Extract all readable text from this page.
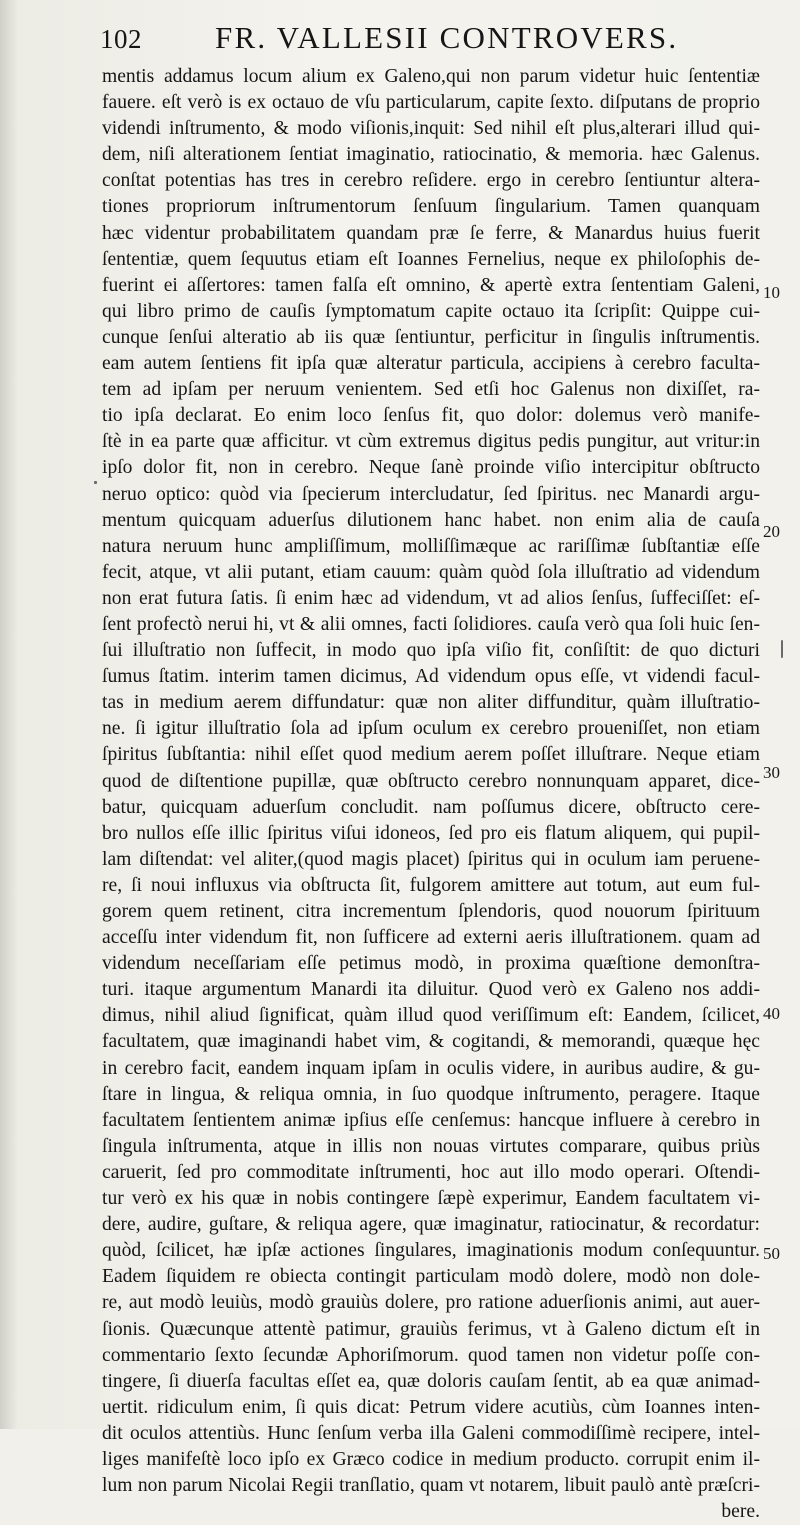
102 FR. VALLESII CONTROVERS.
mentis addamus locum alium ex Galeno,qui non parum videtur huic ſententiæ
fauere. eſt verò is ex octauo de vſu particularum, capite ſexto. diſputans de proprio
videndi inſtrumento, & modo viſionis,inquit: Sed nihil eſt plus,alterari illud qui-
dem, niſi alterationem ſentiat imaginatio, ratiocinatio, & memoria. hæc Galenus.
conſtat potentias has tres in cerebro reſidere. ergo in cerebro ſentiuntur altera-
tiones propriorum inſtrumentorum ſenſuum ſingularium. Tamen quanquam
hæc videntur probabilitatem quandam præ ſe ferre, & Manardus huius fuerit
ſententiæ, quem ſequutus etiam eſt Ioannes Fernelius, neque ex philoſophis de-
fuerint ei aſſertores: tamen falſa eſt omnino, & apertè extra ſententiam Galeni,
qui libro primo de cauſis ſymptomatum capite octauo ita ſcripſit: Quippe cui-
cunque ſenſui alteratio ab iis quæ ſentiuntur, perficitur in ſingulis inſtrumentis.
eam autem ſentiens fit ipſa quæ alteratur particula, accipiens à cerebro faculta-
tem ad ipſam per neruum venientem. Sed etſi hoc Galenus non dixiſſet, ra-
tio ipſa declarat. Eo enim loco ſenſus fit, quo dolor: dolemus verò manife-
ſtè in ea parte quæ afficitur. vt cùm extremus digitus pedis pungitur, aut vritur:in
ipſo dolor fit, non in cerebro. Neque ſanè proinde viſio intercipitur obſtructo
neruo optico: quòd via ſpecierum intercludatur, ſed ſpiritus. nec Manardi argu-
mentum quicquam aduerſus dilutionem hanc habet. non enim alia de cauſa
natura neruum hunc ampliſſimum, molliſſimæque ac rariſſimæ ſubſtantiæ eſſe
fecit, atque, vt alii putant, etiam cauum: quàm quòd ſola illuſtratio ad videndum
non erat futura ſatis. ſi enim hæc ad videndum, vt ad alios ſenſus, ſuffeciſſet: eſ-
ſent profectò nerui hi, vt & alii omnes, facti ſolidiores. cauſa verò qua ſoli huic ſen-
ſui illuſtratio non ſuffecit, in modo quo ipſa viſio fit, conſiſtit: de quo dicturi
ſumus ſtatim. interim tamen dicimus, Ad videndum opus eſſe, vt videndi facul-
tas in medium aerem diffundatur: quæ non aliter diffunditur, quàm illuſtratio-
ne. ſi igitur illuſtratio ſola ad ipſum oculum ex cerebro proueniſſet, non etiam
ſpiritus ſubſtantia: nihil eſſet quod medium aerem poſſet illuſtrare. Neque etiam
quod de diſtentione pupillæ, quæ obſtructo cerebro nonnunquam apparet, dice-
batur, quicquam aduerſum concludit. nam poſſumus dicere, obſtructo cere-
bro nullos eſſe illic ſpiritus viſui idoneos, ſed pro eis flatum aliquem, qui pupil-
lam diſtendat: vel aliter,(quod magis placet) ſpiritus qui in oculum iam peruene-
re, ſi noui influxus via obſtructa ſit, fulgorem amittere aut totum, aut eum ful-
gorem quem retinent, citra incrementum ſplendoris, quod nouorum ſpirituum
acceſſu inter videndum fit, non ſufficere ad externi aeris illuſtrationem. quam ad
videndum neceſſariam eſſe petimus modò, in proxima quæſtione demonſtra-
turi. itaque argumentum Manardi ita diluitur. Quod verò ex Galeno nos addi-
dimus, nihil aliud ſignificat, quàm illud quod veriſſimum eſt: Eandem, ſcilicet,
facultatem, quæ imaginandi habet vim, & cogitandi, & memorandi, quæque hęc
in cerebro facit, eandem inquam ipſam in oculis videre, in auribus audire, & gu-
ſtare in lingua, & reliqua omnia, in ſuo quodque inſtrumento, peragere. Itaque
facultatem ſentientem animæ ipſius eſſe cenſemus: hancque influere à cerebro in
ſingula inſtrumenta, atque in illis non nouas virtutes comparare, quibus priùs
caruerit, ſed pro commoditate inſtrumenti, hoc aut illo modo operari. Oſtendi-
tur verò ex his quæ in nobis contingere ſæpè experimur, Eandem facultatem vi-
dere, audire, guſtare, & reliqua agere, quæ imaginatur, ratiocinatur, & recordatur:
quòd, ſcilicet, hæ ipſæ actiones ſingulares, imaginationis modum conſequuntur.
Eadem ſiquidem re obiecta contingit particulam modò dolere, modò non dole-
re, aut modò leuiùs, modò grauiùs dolere, pro ratione aduerſionis animi, aut auer-
ſionis. Quæcunque attentè patimur, grauiùs ferimus, vt à Galeno dictum eſt in
commentario ſexto ſecundæ Aphoriſmorum. quod tamen non videtur poſſe con-
tingere, ſi diuerſa facultas eſſet ea, quæ doloris cauſam ſentit, ab ea quæ animad-
uertit. ridiculum enim, ſi quis dicat: Petrum videre acutiùs, cùm Ioannes inten-
dit oculos attentiùs. Hunc ſenſum verba illa Galeni commodiſſimè recipere, intel-
liges manifeſtè loco ipſo ex Græco codice in medium producto. corrupit enim il-
lum non parum Nicolai Regii tranſlatio, quam vt notarem, libuit paulò antè præſcri-
bere.
10
20
30
40
50
